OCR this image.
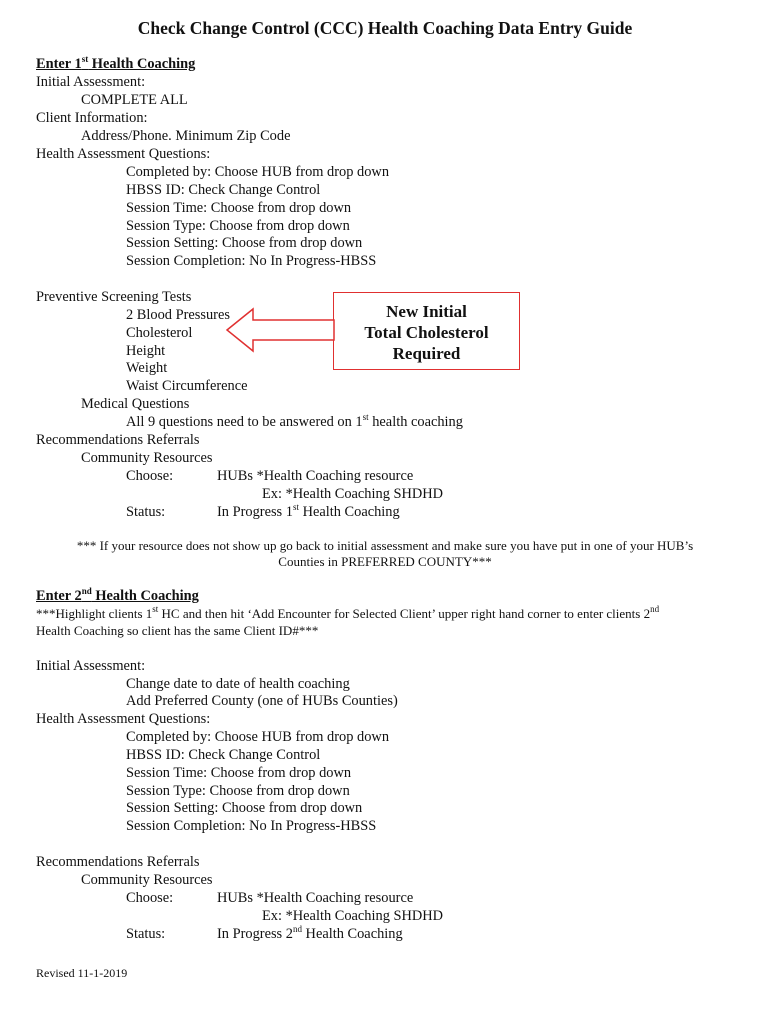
Check Change Control (CCC) Health Coaching Data Entry Guide
Enter 1st Health Coaching
Initial Assessment:
COMPLETE ALL
Client Information:
Address/Phone. Minimum Zip Code
Health Assessment Questions:
Completed by: Choose HUB from drop down
HBSS ID: Check Change Control
Session Time: Choose from drop down
Session Type: Choose from drop down
Session Setting: Choose from drop down
Session Completion: No In Progress-HBSS
Preventive Screening Tests
2 Blood Pressures
Cholesterol
Height
Weight
Waist Circumference
Medical Questions
All 9 questions need to be answered on 1st health coaching
Recommendations Referrals
Community Resources
Choose:	HUBs *Health Coaching resource
Ex: *Health Coaching SHDHD
Status:	In Progress 1st Health Coaching
*** If your resource does not show up go back to initial assessment and make sure you have put in one of your HUB’s
Counties in PREFERRED COUNTY***
New Initial
Total Cholesterol
Required
Enter 2nd Health Coaching
***Highlight clients 1st HC and then hit ‘Add Encounter for Selected Client’ upper right hand corner to enter clients 2nd
Health Coaching so client has the same Client ID#***
Initial Assessment:
Change date to date of health coaching
Add Preferred County (one of HUBs Counties)
Health Assessment Questions:
Completed by: Choose HUB from drop down
HBSS ID: Check Change Control
Session Time: Choose from drop down
Session Type: Choose from drop down
Session Setting: Choose from drop down
Session Completion: No In Progress-HBSS
Recommendations Referrals
Community Resources
Choose:	HUBs *Health Coaching resource
Ex: *Health Coaching SHDHD
Status:	In Progress 2nd Health Coaching
Revised 11-1-2019
